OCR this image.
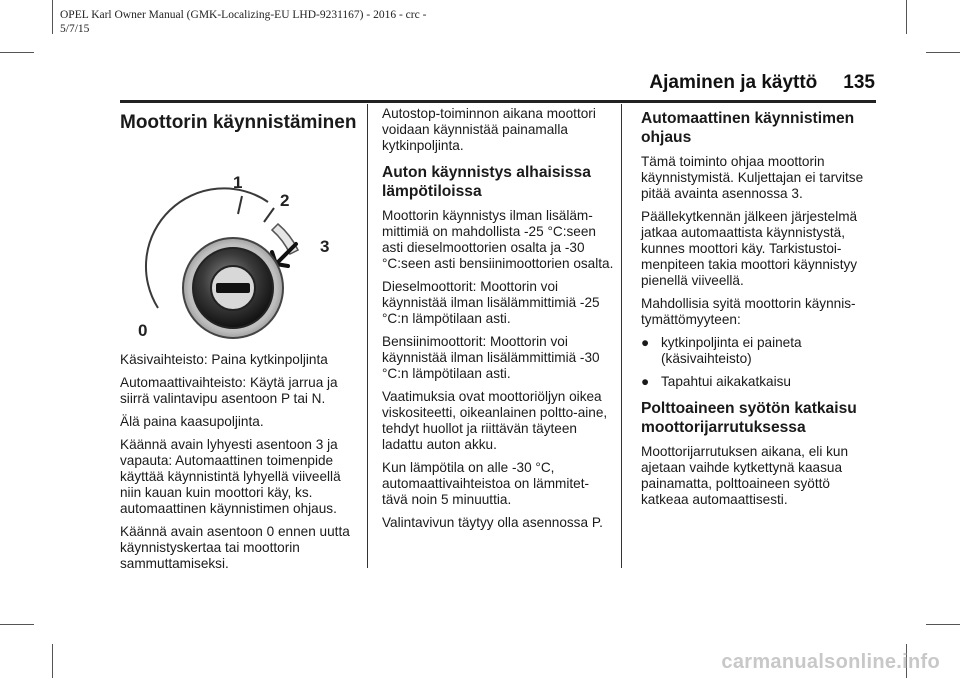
OPEL Karl Owner Manual (GMK-Localizing-EU LHD-9231167) - 2016 - crc -
5/7/15
Ajaminen ja käyttö 135
Moottorin käynnistäminen
1
2
3
0

Käsivaihteisto: Paina kytkinpoljinta

Automaattivaihteisto: Käytä jarrua ja siirrä valintavipu asentoon P tai N.

Älä paina kaasupoljinta.

Käännä avain lyhyesti asentoon 3 ja vapauta: Automaattinen toimenpide käyttää käynnistintä lyhyellä viiveellä niin kauan kuin moottori käy, ks. automaattinen käynnistimen ohjaus.

Käännä avain asentoon 0 ennen uutta käynnistyskertaa tai moottorin sammuttamiseksi.

Autostop-toiminnon aikana moottori voidaan käynnistää painamalla kytkinpoljinta.

Auton käynnistys alhaisissa lämpötiloissa

Moottorin käynnistys ilman lisäläm-mittimiä on mahdollista -25 °C:seen asti dieselmoottorien osalta ja -30 °C:seen asti bensiinimoottorien osalta.

Dieselmoottorit: Moottorin voi käynnistää ilman lisälämmittimiä -25 °C:n lämpötilaan asti.

Bensiinimoottorit: Moottorin voi käynnistää ilman lisälämmittimiä -30 °C:n lämpötilaan asti.

Vaatimuksia ovat moottoriöljyn oikea viskositeetti, oikeanlainen poltto-aine, tehdyt huollot ja riittävän täyteen ladattu auton akku.

Kun lämpötila on alle -30 °C, automaattivaihteistoa on lämmitet-tävä noin 5 minuuttia.

Valintavivun täytyy olla asennossa P.

Automaattinen käynnistimen ohjaus

Tämä toiminto ohjaa moottorin käynnistymistä. Kuljettajan ei tarvitse pitää avainta asennossa 3.

Päällekytkennän jälkeen järjestelmä jatkaa automaattista käynnistystä, kunnes moottori käy. Tarkistustoi-menpiteen takia moottori käynnistyy pienellä viiveellä.

Mahdollisia syitä moottorin käynnis-tymättömyyteen:

● kytkinpoljinta ei paineta (käsivaihteisto)
● Tapahtui aikakatkaisu
Polttoaineen syötön katkaisu moottorijarrutuksessa

Moottorijarrutuksen aikana, eli kun ajetaan vaihde kytkettynä kaasua painamatta, polttoaineen syöttö katkeaa automaattisesti.

carmanualsonline.info
